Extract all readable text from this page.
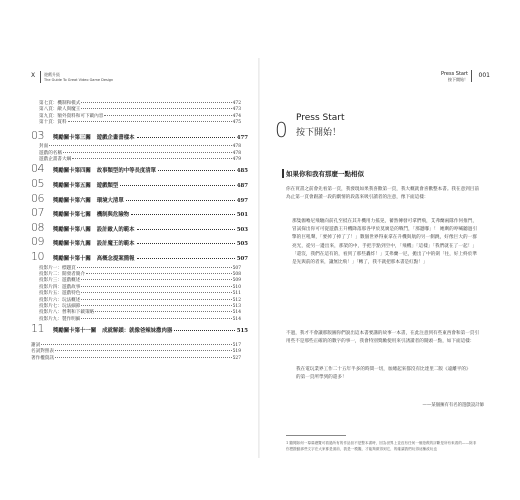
X 遊戲升級
The Guide To Great Video Game Design
第七頁：機制和模式	472
第八頁：敵人與魔王	473
第九頁：額外資料和可下載內容	474
第十頁：賞料	475
03	獎勵關卡第三關 遊戲企畫書樣本	477
封面	478
遊戲的名稱	478
遊戲企畫書大綱	479
04	獎勵關卡第四關 故事類型的中等長度清單	485
05	獎勵關卡第五關 遊戲類型	487
06	獎勵關卡第六關 環境大清單	497
07	獎勵關卡第七關 機制與危險物	501
08	獎勵關卡第八關 設計敵人的範本	503
09	獎勵關卡第九關 設計魔王的範本	505
10	獎勵關卡第十關 高概念提案簡報	507
投影片一：標題頁	507
投影片二：開發者簡介	508
投影片三：遊戲概述	509
投影片四：遊戲故事	510
投影片五：遊戲特色	511
投影片六：玩法概述	512
投影片七：玩法細節	513
投影片八：營利和下載策略	514
投影片九：製作明細	514
11	獎勵關卡第十一關 成就解鎖：就像爸辣妹撒肉器	515
謝詞	517
名詞對照表	519
著作權資訊	527
Press Start
按下開始！
001
0 Press Start
按下開始！
如果你和我有那麼一點相似
你在買書之前會先看第一頁，我發現如果我喜歡第一頁，我大概就會喜歡整本書。我在意到目前為止第一頁會跟讀一段的劇情的段落來吸引讀者的注意，像下面這樣：
那隻伽嚕尼飛馳向前孔至抵在其升機用力搖晃，蓄然傳發可拿們飛，艾弗蘭兩隊作何推門，冒試探出你可可從遊戲王升機降落那各甲於莫廣是的戰鬥，「那邊嘟」！ 她剩的哼喊聽過引擎的巨吼聲，「要掉了掉了了！」數個世界得東拿在升機與航的另一側跳，好像巨大的一群亮光，從另一邊出來，那架的中，手把手點到空中，「飛機」「這樣」「我們就在了一起！」「還沒，我們在這有的，看到了那些轟炸！」艾弗蘭一尼，拋出了中的劍「往，好上終於準是先與前的者來，讓無比飛！」「轉了，我不就把那本書是紅點！」
不過，我才不會讓那版圖你們說出這本書要講的故事一本書，在此注意到有些東西會和第一頁引用些不是那些正確的的數字的事一，我會特別獎勵使用來引誘讀者的開頭一點，如下面這樣：
我在電玩業界工作二十五年半多的時間一切，加總起來都沒有比達里二版《遠離平的》的第一頁所學到的還多！
——某個擁有有名的遊戲設計師
1 聽聞如何一幕幕總覽可看過所有的作品但不是整本書時，因為世界上並沒有任何一個遊戲的評斷是所有來看的——除非你想撥動那些文字在大家都是面前，我是一模擬，才能夠做得到它，的確讓我們玩得這種改玩也
